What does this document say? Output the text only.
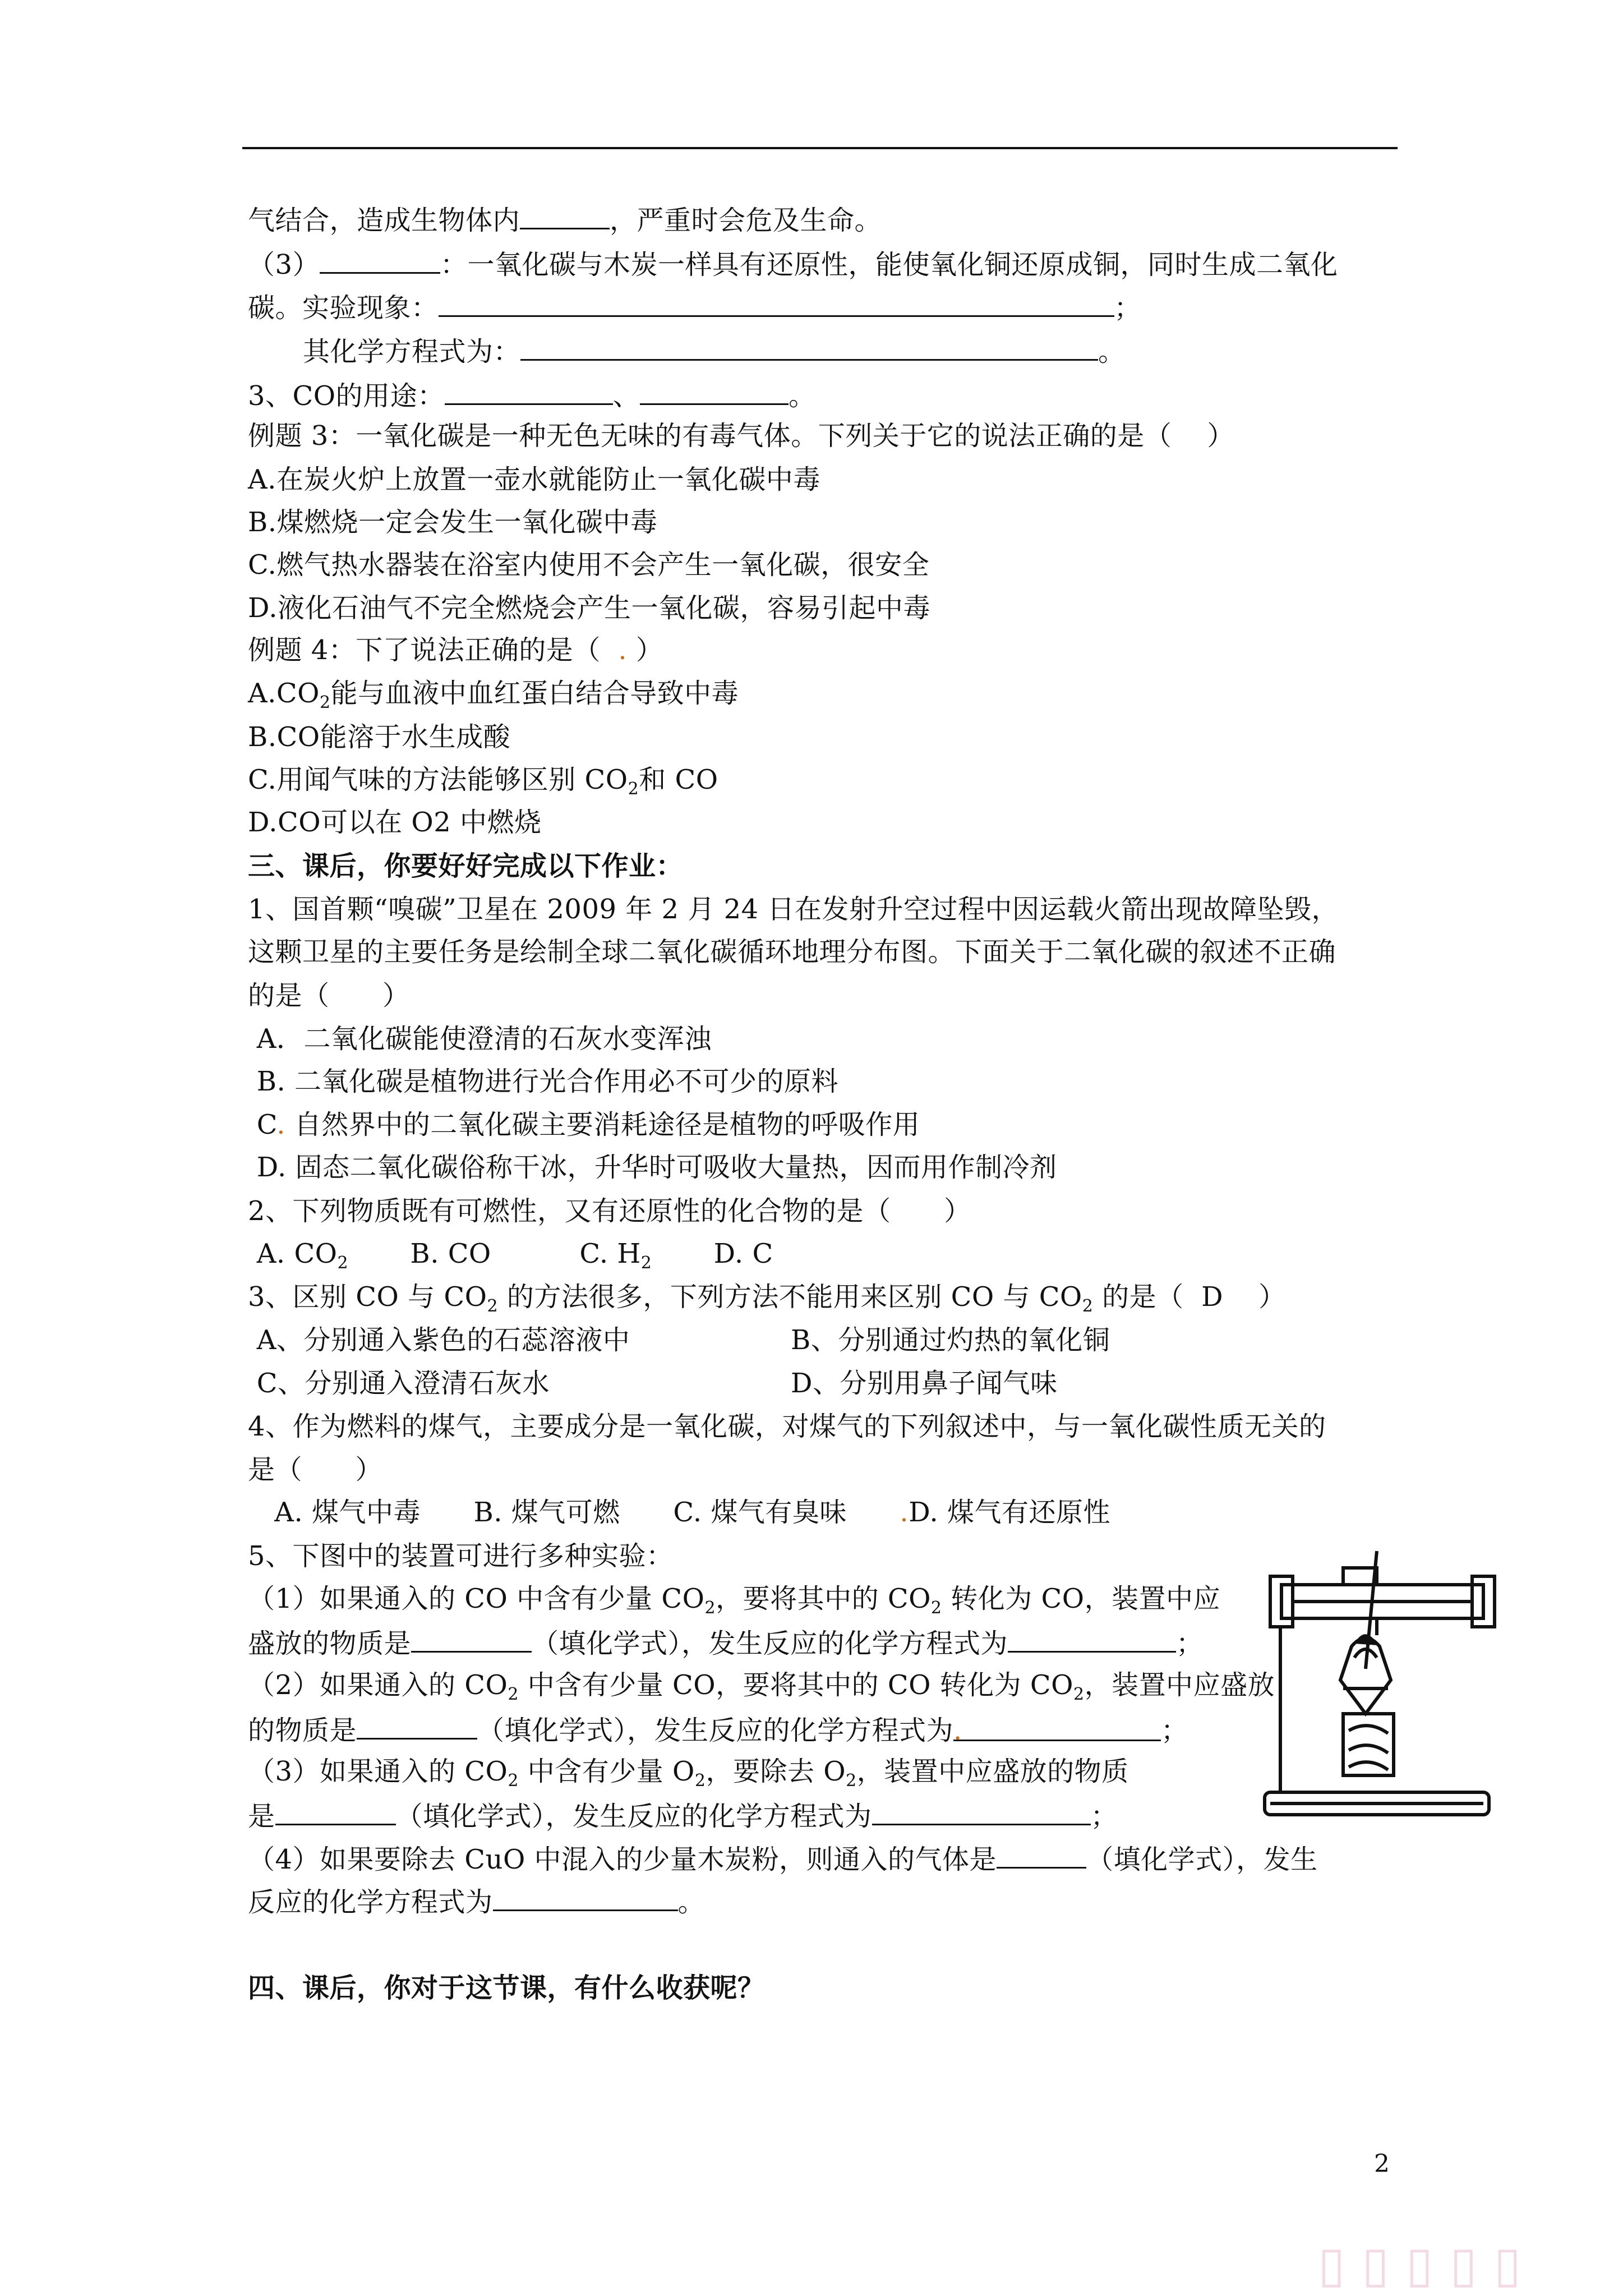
气结合，造成生物体内	，严重时会危及生命。
（3）	：一氧化碳与木炭一样具有还原性，能使氧化铜还原成铜，同时生成二氧化
碳。实验现象：	；
其化学方程式为：	。
3、CO的用途：	、	。
例题 3：一氧化碳是一种无色无味的有毒气体。下列关于它的说法正确的是（    ）
A.在炭火炉上放置一壶水就能防止一氧化碳中毒
B.煤燃烧一定会发生一氧化碳中毒
C.燃气热水器装在浴室内使用不会产生一氧化碳，很安全
D.液化石油气不完全燃烧会产生一氧化碳，容易引起中毒
例题 4：下了说法正确的是（  . ）
$A.CO_2$能与血液中血红蛋白结合导致中毒
B.CO能溶于水生成酸
C.用闻气味的方法能够区别 $CO_2$和 CO
D.CO可以在 O2 中燃烧
三、课后，你要好好完成以下作业：
1、国首颗“嗅碳”卫星在 2009 年 2 月 24 日在发射升空过程中因运载火箭出现故障坠毁，
这颗卫星的主要任务是绘制全球二氧化碳循环地理分布图。下面关于二氧化碳的叙述不正确
的是（      ）
A．二氧化碳能使澄清的石灰水变浑浊
B. 二氧化碳是植物进行光合作用必不可少的原料
C. 自然界中的二氧化碳主要消耗途径是植物的呼吸作用
D. 固态二氧化碳俗称干冰，升华时可吸收大量热，因而用作制冷剂
2、下列物质既有可燃性，又有还原性的化合物的是（      ）
A. $CO_2$       B. CO          C. $H_2$       D. C
3、区别 CO 与 $CO_2$ 的方法很多，下列方法不能用来区别 CO 与 $CO_2$ 的是（  D    ）
A、分别通入紫色的石蕊溶液中	B、分别通过灼热的氧化铜
C、分别通入澄清石灰水	D、分别用鼻子闻气味
4、作为燃料的煤气，主要成分是一氧化碳，对煤气的下列叙述中，与一氧化碳性质无关的
是（      ）
A. 煤气中毒      B. 煤气可燃      C. 煤气有臭味      .D. 煤气有还原性
5、下图中的装置可进行多种实验：
（1）如果通入的 CO 中含有少量 $CO_2$，要将其中的 $CO_2$ 转化为 CO，装置中应
盛放的物质是	（填化学式），发生反应的化学方程式为	；
（2）如果通入的 $CO_2$ 中含有少量 CO，要将其中的 CO 转化为 $CO_2$，装置中应盛放
的物质是	（填化学式），发生反应的化学方程式为.	；
（3）如果通入的 $CO_2$ 中含有少量 $O_2$，要除去 $O_2$，装置中应盛放的物质
是	（填化学式），发生反应的化学方程式为	；
（4）如果要除去 CuO 中混入的少量木炭粉，则通入的气体是	（填化学式），发生
反应的化学方程式为	。
四、课后，你对于这节课，有什么收获呢？
2
▯▯▯▯▯
